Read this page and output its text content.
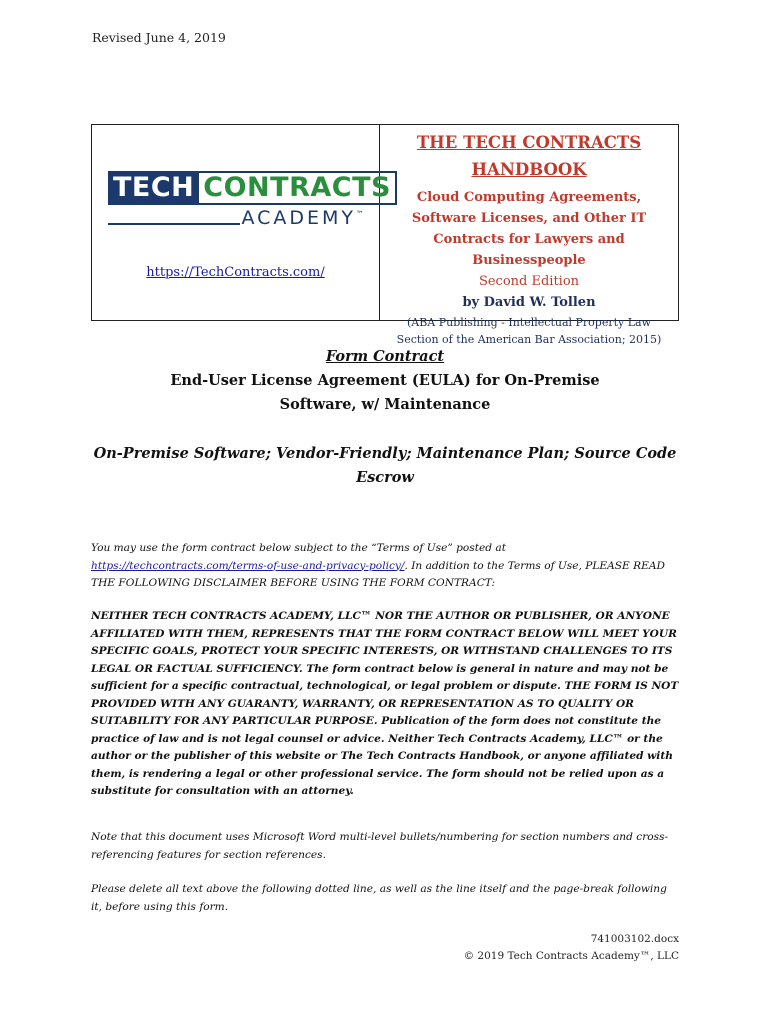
Revised June 4, 2019
TECH CONTRACTS
ACADEMY™
https://TechContracts.com/
THE TECH CONTRACTS
HANDBOOK
Cloud Computing Agreements, Software Licenses, and Other IT Contracts for Lawyers and Businesspeople
Second Edition
by David W. Tollen
(ABA Publishing - Intellectual Property Law Section of the American Bar Association; 2015)
Form Contract
End-User License Agreement (EULA) for On-Premise Software, w/ Maintenance
On-Premise Software; Vendor-Friendly; Maintenance Plan; Source Code Escrow
You may use the form contract below subject to the “Terms of Use” posted at https://techcontracts.com/terms-of-use-and-privacy-policy/. In addition to the Terms of Use, PLEASE READ THE FOLLOWING DISCLAIMER BEFORE USING THE FORM CONTRACT:
NEITHER TECH CONTRACTS ACADEMY, LLC™ NOR THE AUTHOR OR PUBLISHER, OR ANYONE AFFILIATED WITH THEM, REPRESENTS THAT THE FORM CONTRACT BELOW WILL MEET YOUR SPECIFIC GOALS, PROTECT YOUR SPECIFIC INTERESTS, OR WITHSTAND CHALLENGES TO ITS LEGAL OR FACTUAL SUFFICIENCY. The form contract below is general in nature and may not be sufficient for a specific contractual, technological, or legal problem or dispute. THE FORM IS NOT PROVIDED WITH ANY GUARANTY, WARRANTY, OR REPRESENTATION AS TO QUALITY OR SUITABILITY FOR ANY PARTICULAR PURPOSE. Publication of the form does not constitute the practice of law and is not legal counsel or advice. Neither Tech Contracts Academy, LLC™ or the author or the publisher of this website or The Tech Contracts Handbook, or anyone affiliated with them, is rendering a legal or other professional service. The form should not be relied upon as a substitute for consultation with an attorney.
Note that this document uses Microsoft Word multi-level bullets/numbering for section numbers and cross-referencing features for section references.
Please delete all text above the following dotted line, as well as the line itself and the page-break following it, before using this form.
741003102.docx
© 2019 Tech Contracts Academy™, LLC
